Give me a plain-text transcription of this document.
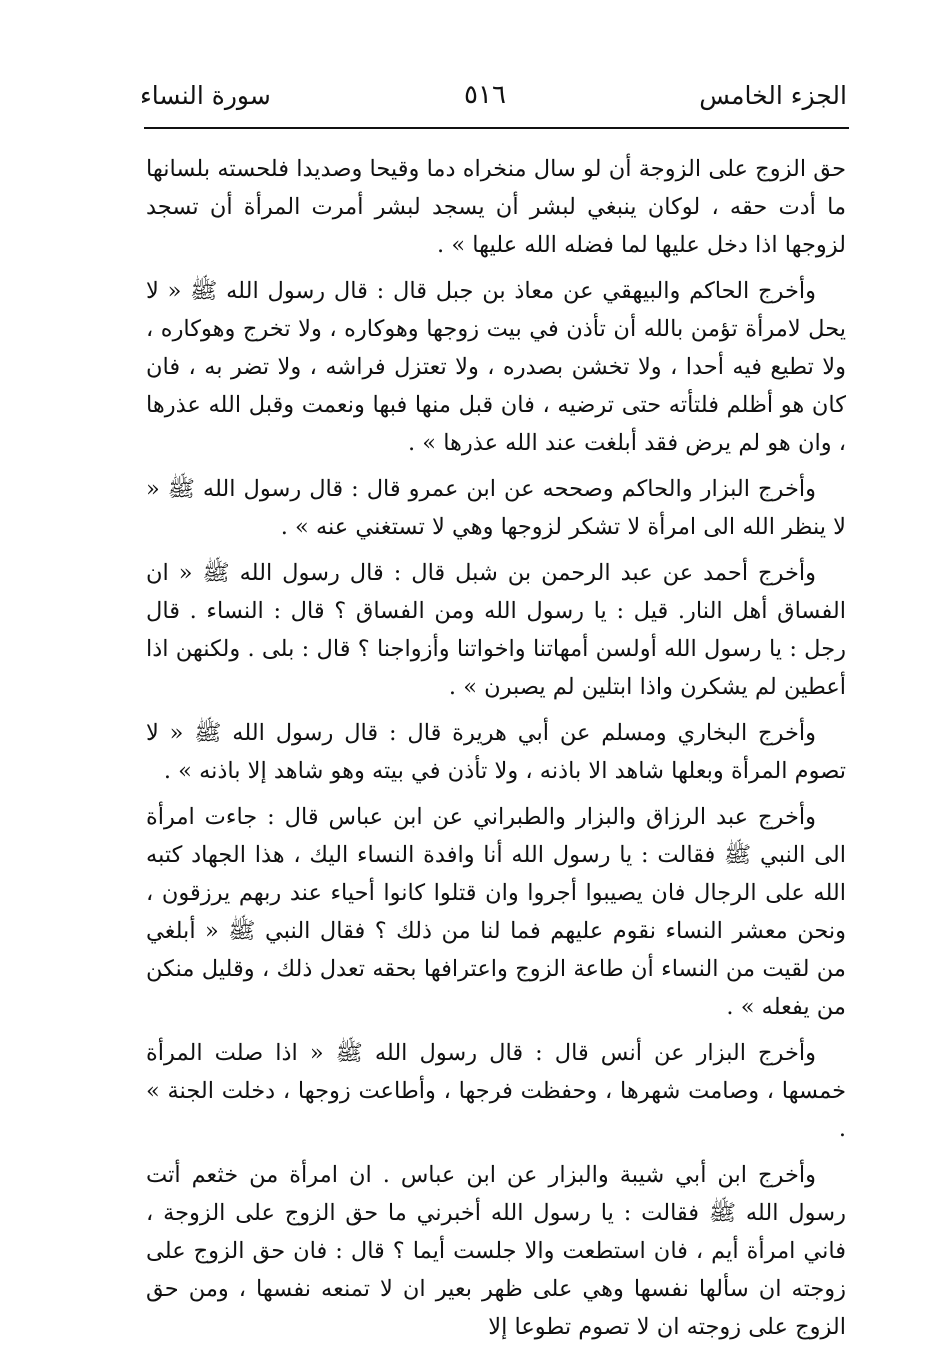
الجزء الخامس
٥١٦
سورة النساء

حق الزوج على الزوجة أن لو سال منخراه دما وقيحا وصديدا فلحسته بلسانها ما أدت حقه ، لوكان ينبغي لبشر أن يسجد لبشر أمرت المرأة أن تسجد لزوجها اذا دخل عليها لما فضله الله عليها » .

وأخرج الحاكم والبيهقي عن معاذ بن جبل قال : قال رسول الله ﷺ « لا يحل لامرأة تؤمن بالله أن تأذن في بيت زوجها وهوكاره ، ولا تخرج وهوكاره ، ولا تطيع فيه أحدا ، ولا تخشن بصدره ، ولا تعتزل فراشه ، ولا تضر به ، فان كان هو أظلم فلتأته حتى ترضيه ، فان قبل منها فبها ونعمت وقبل الله عذرها ، وان هو لم يرض فقد أبلغت عند الله عذرها » .

وأخرج البزار والحاكم وصححه عن ابن عمرو قال : قال رسول الله ﷺ « لا ينظر الله الى امرأة لا تشكر لزوجها وهي لا تستغني عنه » .

وأخرج أحمد عن عبد الرحمن بن شبل قال : قال رسول الله ﷺ « ان الفساق أهل النار. قيل : يا رسول الله ومن الفساق ؟ قال : النساء . قال رجل : يا رسول الله أولسن أمهاتنا واخواتنا وأزواجنا ؟ قال : بلى . ولكنهن اذا أعطين لم يشكرن واذا ابتلين لم يصبرن » .

وأخرج البخاري ومسلم عن أبي هريرة قال : قال رسول الله ﷺ « لا تصوم المرأة وبعلها شاهد الا باذنه ، ولا تأذن في بيته وهو شاهد إلا باذنه » .

وأخرج عبد الرزاق والبزار والطبراني عن ابن عباس قال : جاءت امرأة الى النبي ﷺ فقالت : يا رسول الله أنا وافدة النساء اليك ، هذا الجهاد كتبه الله على الرجال فان يصيبوا أجروا وان قتلوا كانوا أحياء عند ربهم يرزقون ، ونحن معشر النساء نقوم عليهم فما لنا من ذلك ؟ فقال النبي ﷺ « أبلغي من لقيت من النساء أن طاعة الزوج واعترافها بحقه تعدل ذلك ، وقليل منكن من يفعله » .

وأخرج البزار عن أنس قال : قال رسول الله ﷺ « اذا صلت المرأة خمسها ، وصامت شهرها ، وحفظت فرجها ، وأطاعت زوجها ، دخلت الجنة » .

وأخرج ابن أبي شيبة والبزار عن ابن عباس . ان امرأة من خثعم أتت رسول الله ﷺ فقالت : يا رسول الله أخبرني ما حق الزوج على الزوجة ، فاني امرأة أيم ، فان استطعت والا جلست أيما ؟ قال : فان حق الزوج على زوجته ان سألها نفسها وهي على ظهر بعير ان لا تمنعه نفسها ، ومن حق الزوج على زوجته ان لا تصوم تطوعا إلا
